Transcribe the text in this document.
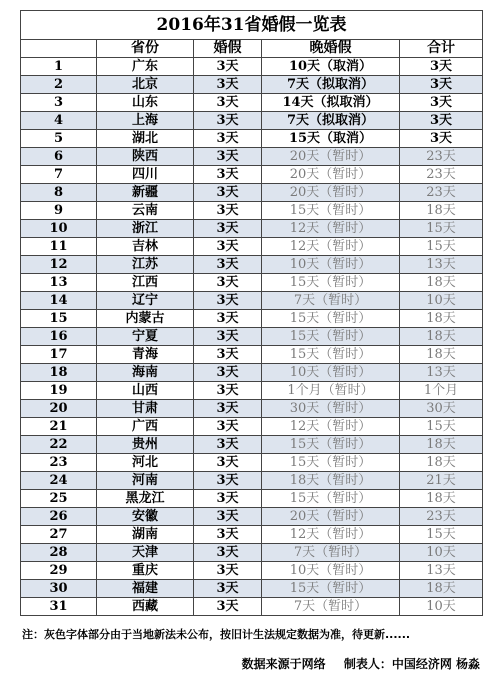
2016年31省婚假一览表				
	省份	婚假	晚婚假	合计
1	广东	3天	10天（取消）	3天
2	北京	3天	7天（拟取消）	3天
3	山东	3天	14天（拟取消）	3天
4	上海	3天	7天（拟取消）	3天
5	湖北	3天	15天（取消）	3天
6	陕西	3天	20天（暂时）	23天
7	四川	3天	20天（暂时）	23天
8	新疆	3天	20天（暂时）	23天
9	云南	3天	15天（暂时）	18天
10	浙江	3天	12天（暂时）	15天
11	吉林	3天	12天（暂时）	15天
12	江苏	3天	10天（暂时）	13天
13	江西	3天	15天（暂时）	18天
14	辽宁	3天	7天（暂时）	10天
15	内蒙古	3天	15天（暂时）	18天
16	宁夏	3天	15天（暂时）	18天
17	青海	3天	15天（暂时）	18天
18	海南	3天	10天（暂时）	13天
19	山西	3天	1个月（暂时）	1个月
20	甘肃	3天	30天（暂时）	30天
21	广西	3天	12天（暂时）	15天
22	贵州	3天	15天（暂时）	18天
23	河北	3天	15天（暂时）	18天
24	河南	3天	18天（暂时）	21天
25	黑龙江	3天	15天（暂时）	18天
26	安徽	3天	20天（暂时）	23天
27	湖南	3天	12天（暂时）	15天
28	天津	3天	7天（暂时）	10天
29	重庆	3天	10天（暂时）	13天
30	福建	3天	15天（暂时）	18天
31	西藏	3天	7天（暂时）	10天
注：灰色字体部分由于当地新法未公布，按旧计生法规定数据为准，待更新......
数据来源于网络 制表人：中国经济网 杨淼
